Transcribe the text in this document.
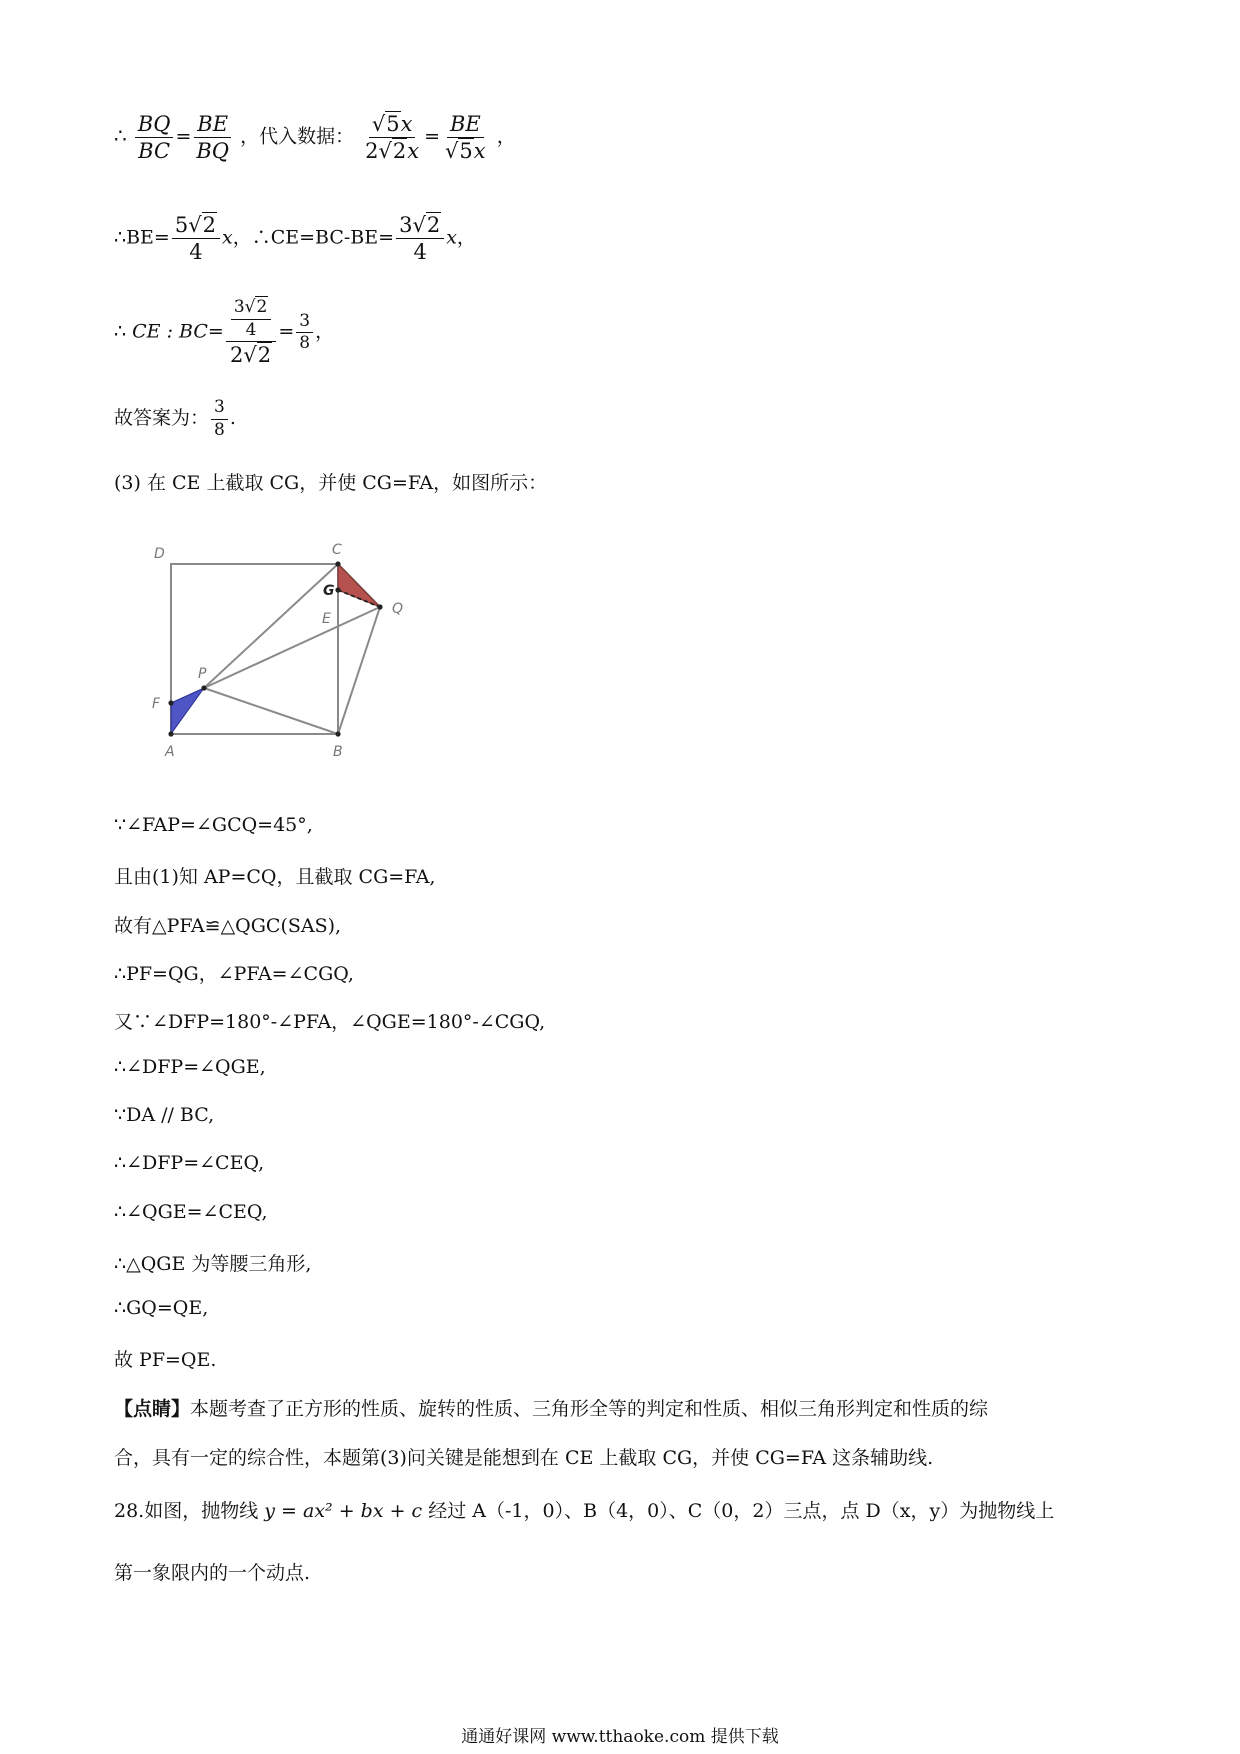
∴ $\frac{BQ}{BC} = \frac{BE}{BQ}$ ，代入数据： $\frac{√5x}{2√2x} = \frac{BE}{√5x}$ ，
∴BE= $\frac{5√2}{4}$ x，∴CE=BC-BE= $\frac{3√2}{4}$ x，
∴ CE : $BC= \frac{\frac{3√2}{4}}{2√2} = \frac{3}{8}$ ，
故答案为： $\frac{3}{8}$ .
(3) 在 CE 上截取 CG，并使 CG=FA，如图所示：
D	C
G
Q
E
P
F
A	B
∵∠FAP=∠GCQ=45°,
且由(1)知 AP=CQ，且截取 CG=FA,
故有△PFA≌△QGC(SAS),
∴PF=QG，∠PFA=∠CGQ,
又∵∠DFP=180°-∠PFA，∠QGE=180°-∠CGQ,
∴∠DFP=∠QGE,
∵DA // BC,
∴∠DFP=∠CEQ,
∴∠QGE=∠CEQ,
∴△QGE 为等腰三角形,
∴GQ=QE,
故 PF=QE.
【点睛】本题考查了正方形的性质、旋转的性质、三角形全等的判定和性质、相似三角形判定和性质的综
合，具有一定的综合性，本题第(3)问关键是能想到在 CE 上截取 CG，并使 CG=FA 这条辅助线.
28.如图，抛物线 y = ax² + bx + c 经过 A（-1，0）、B（4，0）、C（0，2）三点，点 D（x，y）为抛物线上
第一象限内的一个动点.
通通好课网 www.tthaoke.com 提供下载
